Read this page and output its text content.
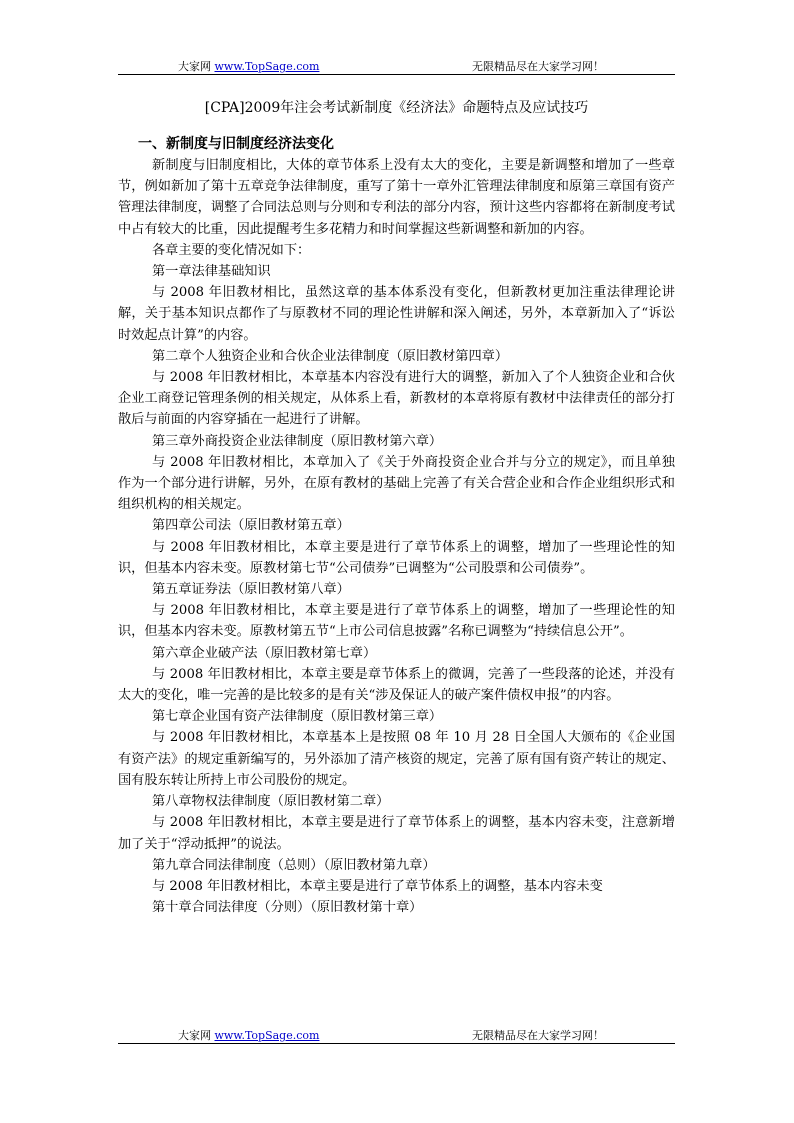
大家网 www.TopSage.com	无限精品尽在大家学习网！
[CPA]2009年注会考试新制度《经济法》命题特点及应试技巧
一、新制度与旧制度经济法变化

新制度与旧制度相比，大体的章节体系上没有太大的变化，主要是新调整和增加了一些章节，例如新加了第十五章竞争法律制度，重写了第十一章外汇管理法律制度和原第三章国有资产管理法律制度，调整了合同法总则与分则和专利法的部分内容，预计这些内容都将在新制度考试中占有较大的比重，因此提醒考生多花精力和时间掌握这些新调整和新加的内容。

各章主要的变化情况如下：

第一章法律基础知识

与 2008 年旧教材相比，虽然这章的基本体系没有变化，但新教材更加注重法律理论讲解，关于基本知识点都作了与原教材不同的理论性讲解和深入阐述，另外，本章新加入了“诉讼时效起点计算”的内容。

第二章个人独资企业和合伙企业法律制度（原旧教材第四章）

与 2008 年旧教材相比，本章基本内容没有进行大的调整，新加入了个人独资企业和合伙企业工商登记管理条例的相关规定，从体系上看，新教材的本章将原有教材中法律责任的部分打散后与前面的内容穿插在一起进行了讲解。

第三章外商投资企业法律制度（原旧教材第六章）

与 2008 年旧教材相比，本章加入了《关于外商投资企业合并与分立的规定》，而且单独作为一个部分进行讲解，另外，在原有教材的基础上完善了有关合营企业和合作企业组织形式和组织机构的相关规定。

第四章公司法（原旧教材第五章）

与 2008 年旧教材相比，本章主要是进行了章节体系上的调整，增加了一些理论性的知识，但基本内容未变。原教材第七节“公司债券”已调整为“公司股票和公司债券”。

第五章证券法（原旧教材第八章）

与 2008 年旧教材相比，本章主要是进行了章节体系上的调整，增加了一些理论性的知识，但基本内容未变。原教材第五节“上市公司信息披露”名称已调整为“持续信息公开”。

第六章企业破产法（原旧教材第七章）

与 2008 年旧教材相比，本章主要是章节体系上的微调，完善了一些段落的论述，并没有太大的变化，唯一完善的是比较多的是有关“涉及保证人的破产案件债权申报”的内容。

第七章企业国有资产法律制度（原旧教材第三章）

与 2008 年旧教材相比，本章基本上是按照 08 年 10 月 28 日全国人大颁布的《企业国有资产法》的规定重新编写的，另外添加了清产核资的规定，完善了原有国有资产转让的规定、国有股东转让所持上市公司股份的规定。

第八章物权法律制度（原旧教材第二章）

与 2008 年旧教材相比，本章主要是进行了章节体系上的调整，基本内容未变，注意新增加了关于“浮动抵押”的说法。

第九章合同法律制度（总则）（原旧教材第九章）

与 2008 年旧教材相比，本章主要是进行了章节体系上的调整，基本内容未变

第十章合同法律度（分则）（原旧教材第十章）

大家网 www.TopSage.com	无限精品尽在大家学习网！
